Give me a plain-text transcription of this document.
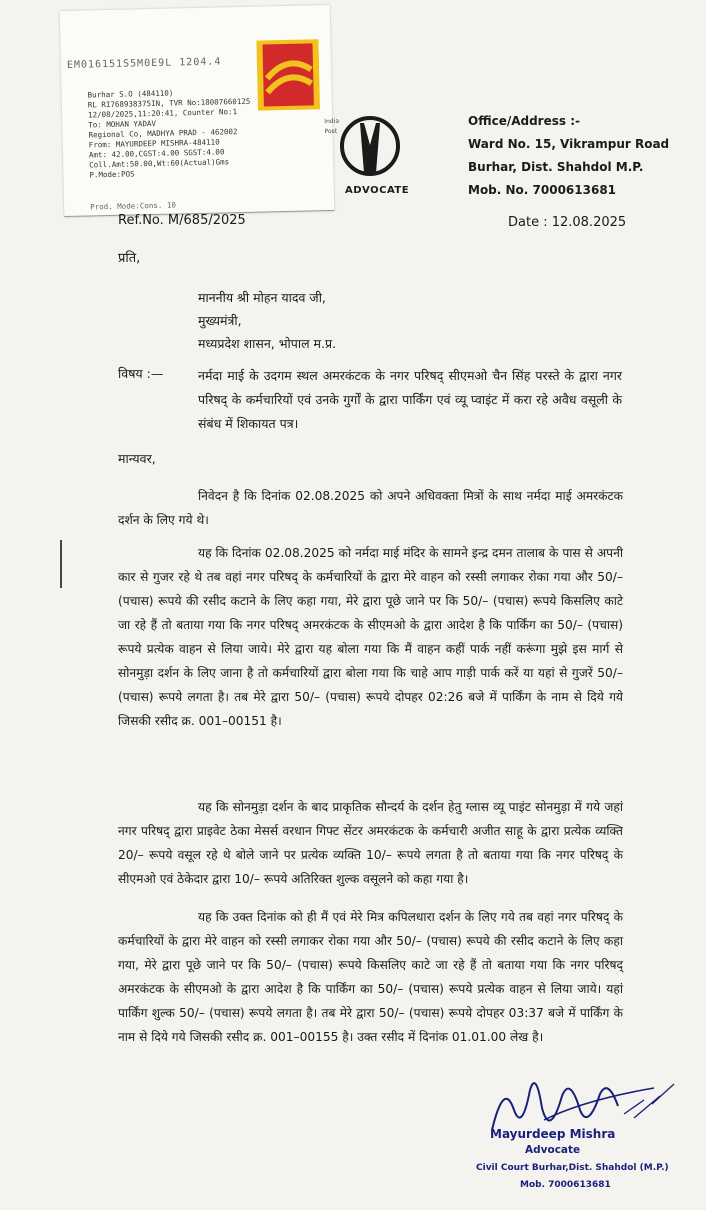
EM016151S5M0E9L 1204.4
Burhar S.O (484110)
RL RI768938375IN, TVR No:18007660125
12/08/2025,11:20:41, Counter No:1
To: MOHAN YADAV
Regional Co, MADHYA PRAD - 462002
From: MAYURDEEP MISHRA-484110
Amt: 42.00,CGST:4.00 SGST:4.00
Coll.Amt:50.00,Wt:60(Actual)Gms
P.Mode:POS
Prod. Mode:Cons. 10
India Post
ADVOCATE
Office/Address :-
Ward No. 15, Vikrampur Road
Burhar, Dist. Shahdol M.P.
Mob. No. 7000613681
Ref.No. M/685/2025	Date : 12.08.2025
प्रति,
माननीय श्री मोहन यादव जी,
मुख्यमंत्री,
मध्यप्रदेश शासन, भोपाल म.प्र.
विषय :—	नर्मदा माई के उदगम स्थल अमरकंटक के नगर परिषद् सीएमओ चैन सिंह परस्ते के द्वारा नगर परिषद् के कर्मचारियों एवं उनके गुर्गों के द्वारा पार्किंग एवं व्यू प्वाइंट में करा रहे अवैध वसूली के संबंध में शिकायत पत्र।
मान्यवर,
निवेदन है कि दिनांक 02.08.2025 को अपने अधिवक्ता मित्रों के साथ नर्मदा माई अमरकंटक दर्शन के लिए गये थे।
यह कि दिनांक 02.08.2025 को नर्मदा माई मंदिर के सामने इन्द्र दमन तालाब के पास से अपनी कार से गुजर रहे थे तब वहां नगर परिषद् के कर्मचारियों के द्वारा मेरे वाहन को रस्सी लगाकर रोका गया और 50/– (पचास) रूपये की रसीद कटाने के लिए कहा गया, मेरे द्वारा पूछे जाने पर कि 50/– (पचास) रूपये किसलिए काटे जा रहे हैं तो बताया गया कि नगर परिषद् अमरकंटक के सीएमओ के द्वारा आदेश है कि पार्किंग का 50/– (पचास) रूपये प्रत्येक वाहन से लिया जाये। मेरे द्वारा यह बोला गया कि मैं वाहन कहीं पार्क नहीं करूंगा मुझे इस मार्ग से सोनमुड़ा दर्शन के लिए जाना है तो कर्मचारियों द्वारा बोला गया कि चाहे आप गाड़ी पार्क करें या यहां से गुजरें 50/– (पचास) रूपये लगता है। तब मेरे द्वारा 50/– (पचास) रूपये दोपहर 02:26 बजे में पार्किंग के नाम से दिये गये जिसकी रसीद क्र. 001–00151 है।
यह कि सोनमुड़ा दर्शन के बाद प्राकृतिक सौन्दर्य के दर्शन हेतु ग्लास व्यू पाइंट सोनमुड़ा में गये जहां नगर परिषद् द्वारा प्राइवेट ठेका मेसर्स वरधान गिफ्ट सेंटर अमरकंटक के कर्मचारी अजीत साहू के द्वारा प्रत्येक व्यक्ति 20/– रूपये वसूल रहे थे बोले जाने पर प्रत्येक व्यक्ति 10/– रूपये लगता है तो बताया गया कि नगर परिषद् के सीएमओ एवं ठेकेदार द्वारा 10/– रूपये अतिरिक्त शुल्क वसूलने को कहा गया है।
यह कि उक्त दिनांक को ही मैं एवं मेरे मित्र कपिलधारा दर्शन के लिए गये तब वहां नगर परिषद् के कर्मचारियों के द्वारा मेरे वाहन को रस्सी लगाकर रोका गया और 50/– (पचास) रूपये की रसीद कटाने के लिए कहा गया, मेरे द्वारा पूछे जाने पर कि 50/– (पचास) रूपये किसलिए काटे जा रहे हैं तो बताया गया कि नगर परिषद् अमरकंटक के सीएमओ के द्वारा आदेश है कि पार्किंग का 50/– (पचास) रूपये प्रत्येक वाहन से लिया जाये। यहां पार्किंग शुल्क 50/– (पचास) रूपये लगता है। तब मेरे द्वारा 50/– (पचास) रूपये दोपहर 03:37 बजे में पार्किंग के नाम से दिये गये जिसकी रसीद क्र. 001–00155 है। उक्त रसीद में दिनांक 01.01.00 लेख है।
Mayurdeep Mishra
Advocate
Civil Court Burhar,Dist. Shahdol (M.P.)
Mob. 7000613681
